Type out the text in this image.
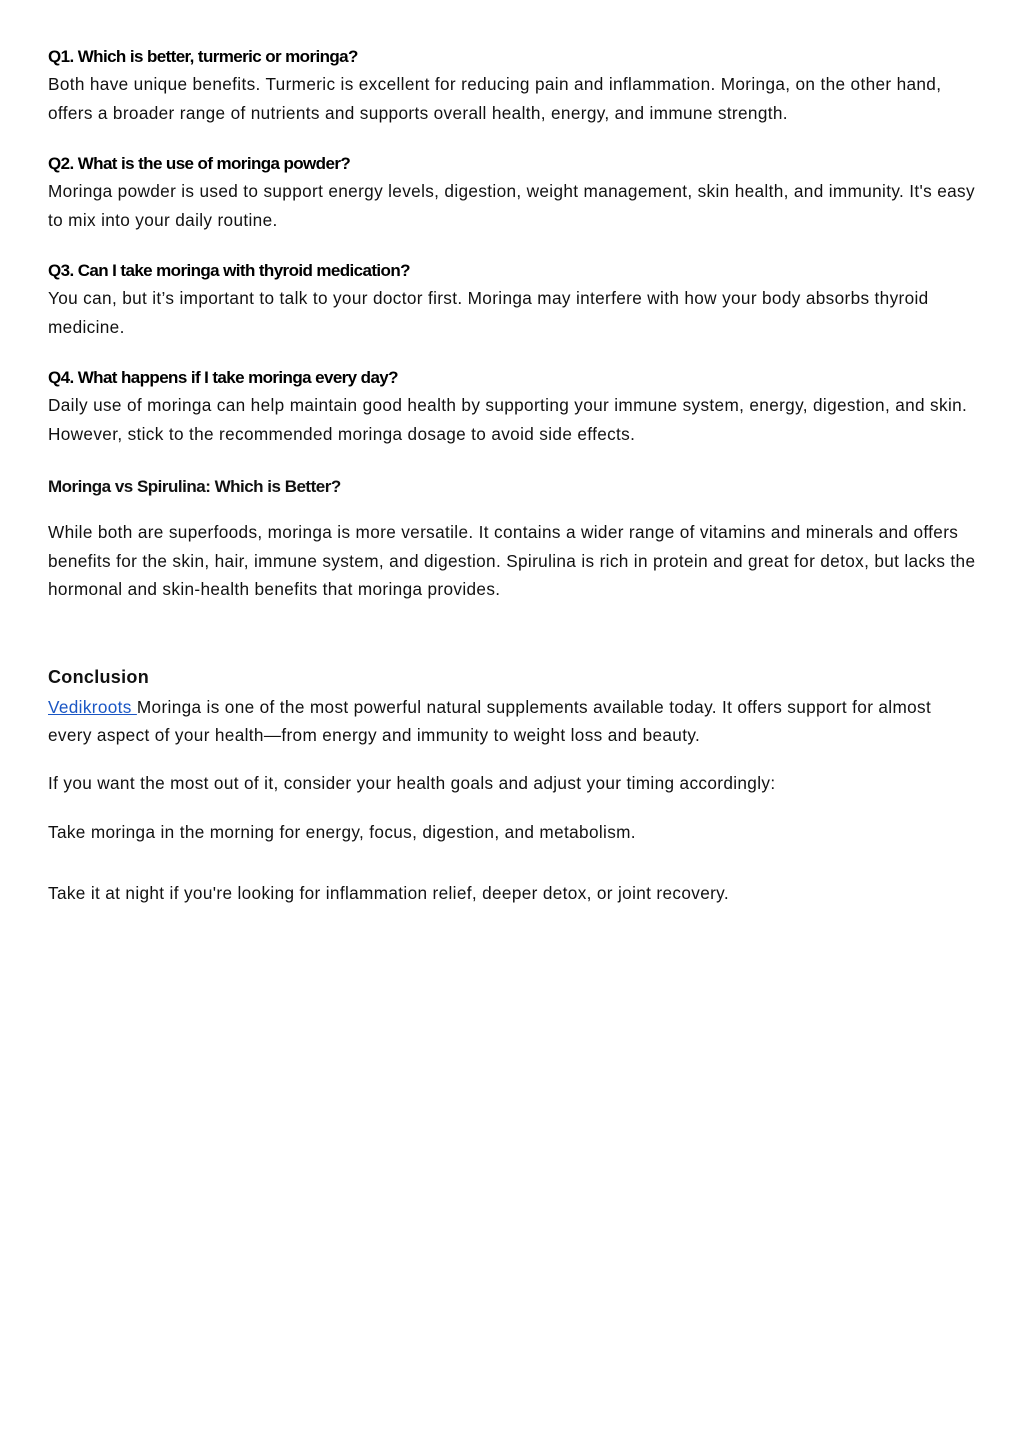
Q1. Which is better, turmeric or moringa?

Both have unique benefits. Turmeric is excellent for reducing pain and inflammation. Moringa, on the other hand, offers a broader range of nutrients and supports overall health, energy, and immune strength.

Q2. What is the use of moringa powder?

Moringa powder is used to support energy levels, digestion, weight management, skin health, and immunity. It's easy to mix into your daily routine.

Q3. Can I take moringa with thyroid medication?

You can, but it’s important to talk to your doctor first. Moringa may interfere with how your body absorbs thyroid medicine.

Q4. What happens if I take moringa every day?

Daily use of moringa can help maintain good health by supporting your immune system, energy, digestion, and skin. However, stick to the recommended moringa dosage to avoid side effects.

Moringa vs Spirulina: Which is Better?

While both are superfoods, moringa is more versatile. It contains a wider range of vitamins and minerals and offers benefits for the skin, hair, immune system, and digestion. Spirulina is rich in protein and great for detox, but lacks the hormonal and skin-health benefits that moringa provides.

Conclusion

Vedikroots Moringa is one of the most powerful natural supplements available today. It offers support for almost every aspect of your health—from energy and immunity to weight loss and beauty.

If you want the most out of it, consider your health goals and adjust your timing accordingly:

Take moringa in the morning for energy, focus, digestion, and metabolism.

Take it at night if you're looking for inflammation relief, deeper detox, or joint recovery.
